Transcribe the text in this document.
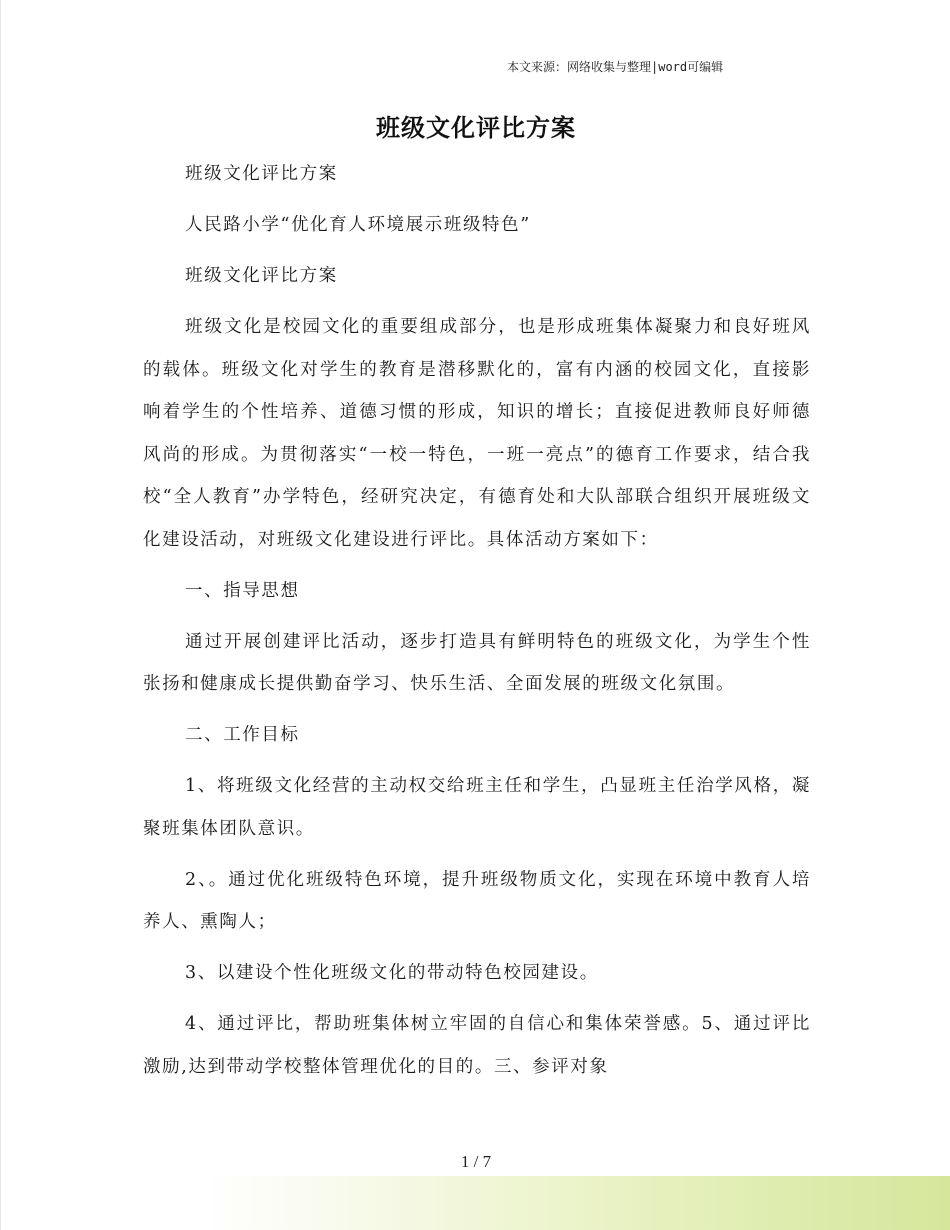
本文来源：网络收集与整理|word可编辑
班级文化评比方案

班级文化评比方案

人民路小学“优化育人环境展示班级特色”

班级文化评比方案

班级文化是校园文化的重要组成部分，也是形成班集体凝聚力和良好班风的载体。班级文化对学生的教育是潜移默化的，富有内涵的校园文化，直接影响着学生的个性培养、道德习惯的形成，知识的增长；直接促进教师良好师德风尚的形成。为贯彻落实“一校一特色，一班一亮点”的德育工作要求，结合我校“全人教育”办学特色，经研究决定，有德育处和大队部联合组织开展班级文化建设活动，对班级文化建设进行评比。具体活动方案如下：

一、指导思想

通过开展创建评比活动，逐步打造具有鲜明特色的班级文化，为学生个性张扬和健康成长提供勤奋学习、快乐生活、全面发展的班级文化氛围。

二、工作目标

1、将班级文化经营的主动权交给班主任和学生，凸显班主任治学风格，凝聚班集体团队意识。

2、。通过优化班级特色环境，提升班级物质文化，实现在环境中教育人培养人、熏陶人；

3、以建设个性化班级文化的带动特色校园建设。

4、通过评比，帮助班集体树立牢固的自信心和集体荣誉感。5、通过评比激励,达到带动学校整体管理优化的目的。三、参评对象

1 / 7
